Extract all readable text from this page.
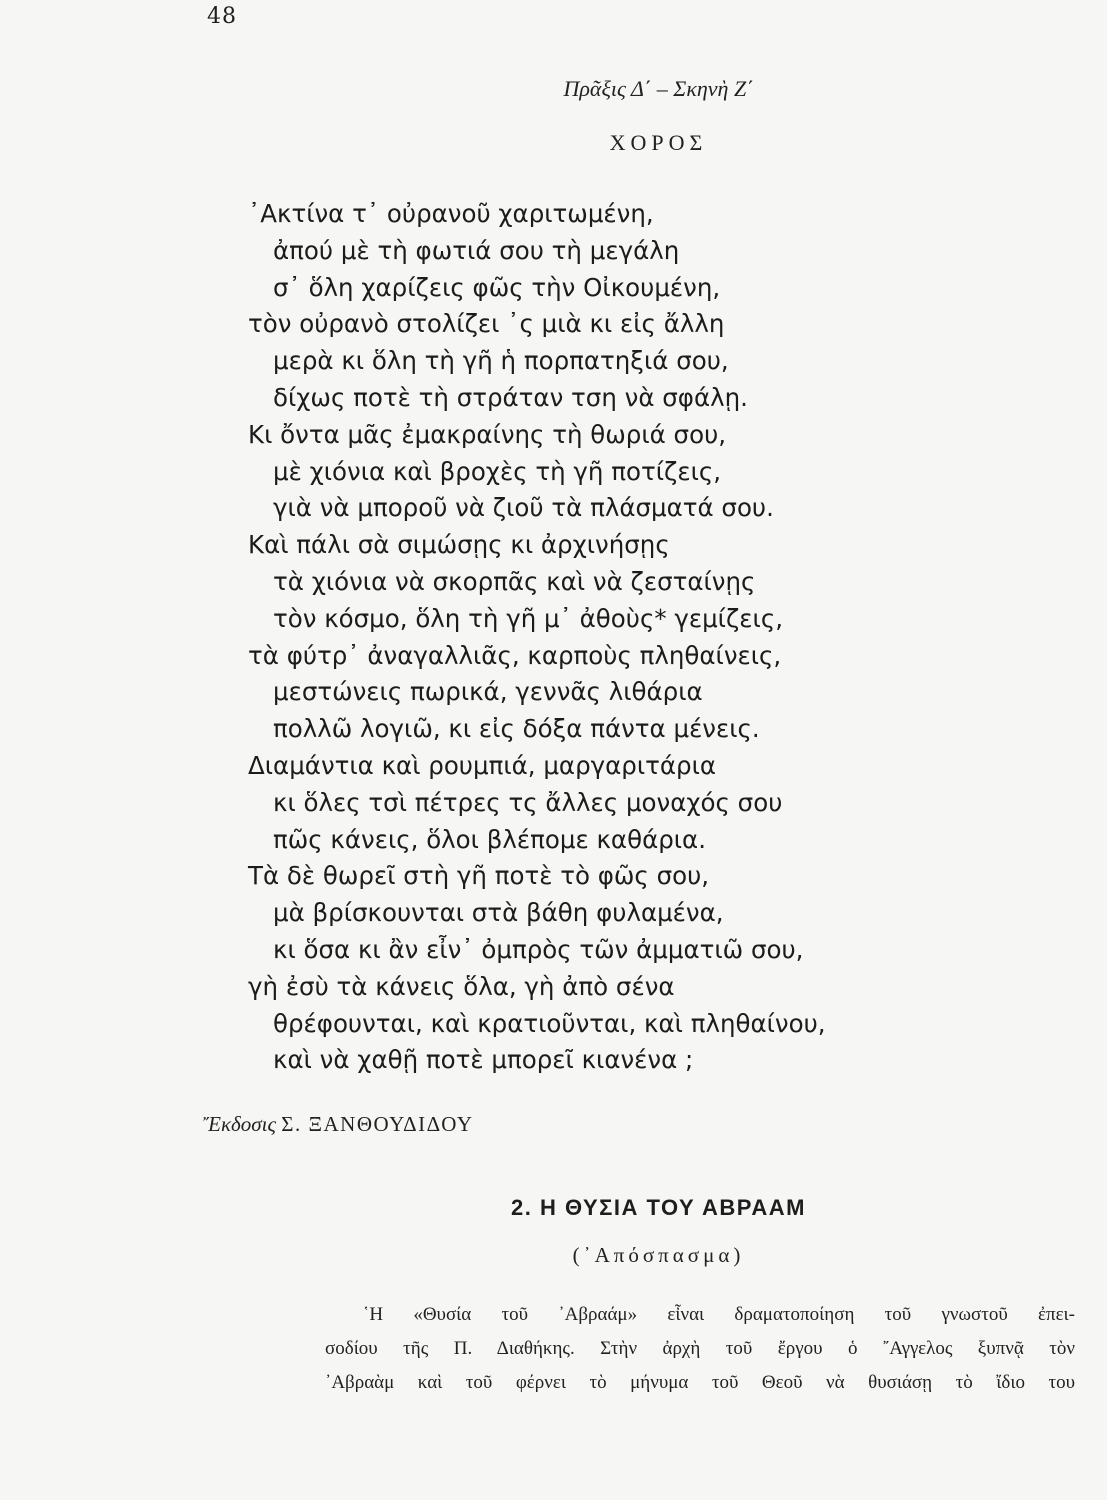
48
Πρᾶξις Δ΄ – Σκηνὴ Ζ΄
ΧΟΡΟΣ
᾿Ακτίνα τ᾿ οὐρανοῦ χαριτωμένη,
ἀπού μὲ τὴ φωτιά σου τὴ μεγάλη
σ᾿ ὅλη χαρίζεις φῶς τὴν Οἰκουμένη,
τὸν οὐρανὸ στολίζει ᾿ς μιὰ κι εἰς ἄλλη
μερὰ κι ὅλη τὴ γῆ ἡ πορπατηξιά σου,
δίχως ποτὲ τὴ στράταν τση νὰ σφάλῃ.
Κι ὄντα μᾶς ἐμακραίνης τὴ θωριά σου,
μὲ χιόνια καὶ βροχὲς τὴ γῆ ποτίζεις,
γιὰ νὰ μποροῦ νὰ ζιοῦ τὰ πλάσματά σου.
Καὶ πάλι σὰ σιμώσῃς κι ἀρχινήσῃς
τὰ χιόνια νὰ σκορπᾶς καὶ νὰ ζεσταίνῃς
τὸν κόσμο, ὅλη τὴ γῆ μ᾿ ἀθοὺς* γεμίζεις,
τὰ φύτρ᾿ ἀναγαλλιᾶς, καρποὺς πληθαίνεις,
μεστώνεις πωρικά, γεννᾶς λιθάρια
πολλῶ λογιῶ, κι εἰς δόξα πάντα μένεις.
Διαμάντια καὶ ρουμπιά, μαργαριτάρια
κι ὅλες τσὶ πέτρες τς ἄλλες μοναχός σου
πῶς κάνεις, ὅλοι βλέπομε καθάρια.
Τὰ δὲ θωρεῖ στὴ γῆ ποτὲ τὸ φῶς σου,
μὰ βρίσκουνται στὰ βάθη φυλαμένα,
κι ὅσα κι ἂν εἶν᾿ ὀμπρὸς τῶν ἀμματιῶ σου,
γὴ ἐσὺ τὰ κάνεις ὅλα, γὴ ἀπὸ σένα
θρέφουνται, καὶ κρατιοῦνται, καὶ πληθαίνου,
καὶ νὰ χαθῇ ποτὲ μπορεῖ κιανένα ;
Ἔκδοσις Σ. ΞΑΝΘΟΥΔΙΔΟΥ
2. Η ΘΥΣΙΑ ΤΟΥ ΑΒΡΑΑΜ
(᾿Απόσπασμα)
῾Η «Θυσία τοῦ ᾿Αβραάμ» εἶναι δραματοποίηση τοῦ γνωστοῦ ἐπει-
σοδίου τῆς Π. Διαθήκης. Στὴν ἀρχὴ τοῦ ἔργου ὁ ῎Αγγελος ξυπνᾷ τὸν
᾿Αβραὰμ καὶ τοῦ φέρνει τὸ μήνυμα τοῦ Θεοῦ νὰ θυσιάσῃ τὸ ἴδιο του
